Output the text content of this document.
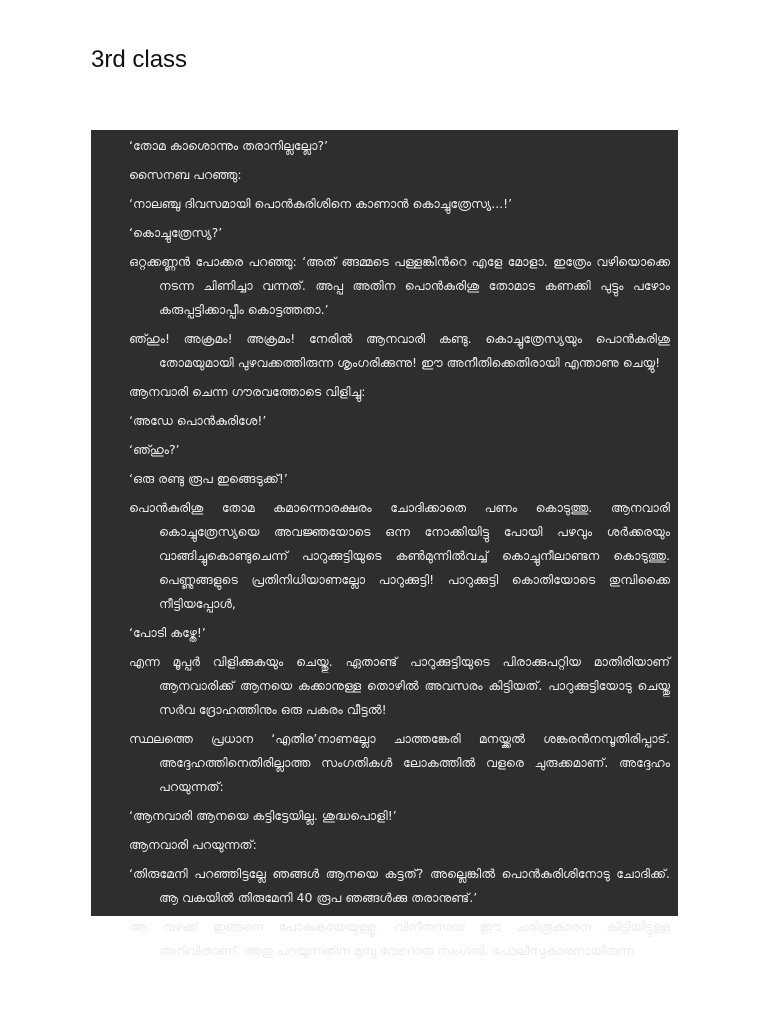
3rd class

‘തോമ കാശൊന്നും തരാനില്ലല്ലോ?’

സൈനബ പറഞ്ഞു:

‘നാലഞ്ചു ദിവസമായി പൊൻകുരിശിനെ കാണാൻ കൊച്ചുത്രേസ്യ...!’

‘കൊച്ചുത്രേസ്യ?’

ഒറ്റക്കണ്ണൻ പോക്കര പറഞ്ഞു: ‘അത് ങ്ങമ്മടെ പള്ളങ്കിൻറെ എളേ മോളാ. ഇത്രേം വഴിയൊക്കെ നടന്ന ചിണിച്ചാ വന്നത്. അപ്പ അതിന പൊൻകുരിശു തോമാട കണക്കി പുട്ടും പഴോം കരുപ്പട്ടിക്കാപ്പീം കൊട്ടത്തതാ.’

ഞ്ഹും! അക്രമം! അക്രമം! നേരിൽ ആനവാരി കണ്ടു. കൊച്ചുത്രേസ്യയും പൊൻകുരിശു തോമയുമായി പുഴവക്കത്തിരുന്ന ശൃംഗരിക്കുന്നു! ഈ അനീതിക്കെതിരായി എന്താണു ചെയ്യു!

ആനവാരി ചെന്ന ഗൗരവത്തോടെ വിളിച്ചു:

‘അഡേ പൊൻകുരിശേ!’

‘ഞ്ഹും?’

‘ഒരു രണ്ടു രൂപ ഇങ്ങെടുക്ക്!’

പൊൻകുരിശു തോമ കമാന്നൊരക്ഷരം ചോദിക്കാതെ പണം കൊടുത്തു. ആനവാരി കൊച്ചുത്രേസ്യയെ അവജ്ഞയോടെ ഒന്ന നോക്കിയിട്ടു പോയി പഴവും ശർക്കരയും വാങ്ങിച്ചുകൊണ്ടുചെന്ന് പാറുക്കുട്ടിയുടെ കൺമുന്നിൽവച്ച് കൊച്ചുനീലാണ്ടന കൊടുത്തു. പെണ്ണുങ്ങളുടെ പ്രതിനിധിയാണല്ലോ പാറുക്കുട്ടി! പാറുക്കുട്ടി കൊതിയോടെ തുമ്പിക്കൈ നീട്ടിയപ്പോൾ,

‘പോടി കഴ്തേ!’

എന്ന മൂപ്പർ വിളിക്കുകയും ചെയ്തു. ഏതാണ്ട് പാറുക്കുട്ടിയുടെ പിരാക്കുപറ്റിയ മാതിരിയാണ് ആനവാരിക്ക് ആനയെ കക്കാനുള്ള തൊഴിൽ അവസരം കിട്ടിയത്. പാറുക്കുട്ടിയോടു ചെയ്തു സർവ ദ്രോഹത്തിനും ഒരു പകരം വീട്ടൽ!

സ്ഥലത്തെ പ്രധാന ‘എതിര’നാണല്ലോ ചാത്തങ്കേരി മനയ്ക്കൽ ശങ്കരൻനമ്പൂതിരിപ്പാട്. അദ്ദേഹത്തിനെതിരില്ലാത്ത സംഗതികൾ ലോകത്തിൽ വളരെ ചുരുക്കമാണ്. അദ്ദേഹം പറയുന്നത്:

‘ആനവാരി ആനയെ കട്ടിട്ടേയില്ല. ശുദ്ധപൊളി!’

ആനവാരി പറയുന്നത്:

‘തിരുമേനി പറഞ്ഞിട്ടല്ലേ ഞങ്ങൾ ആനയെ കട്ടത്? അല്ലെങ്കിൽ പൊൻകുരിശിനോടു ചോദിക്ക്. ആ വകയിൽ തിരുമേനി 40 രൂപ ഞങ്ങൾക്കു തരാനുണ്ട്.’

ആ വഴക്ക് ഇങ്ങനെ പോകുകയേയുള്ളൂ. വിനീതനായ ഈ ചരിത്രകാരന കിട്ടിയിട്ടുള്ള അറിവിതാണ്. അതു പറയുന്നതിന മുമ്പു വേറൊരു സംഗതി. പോലീസുകാരനായിരുന്ന
